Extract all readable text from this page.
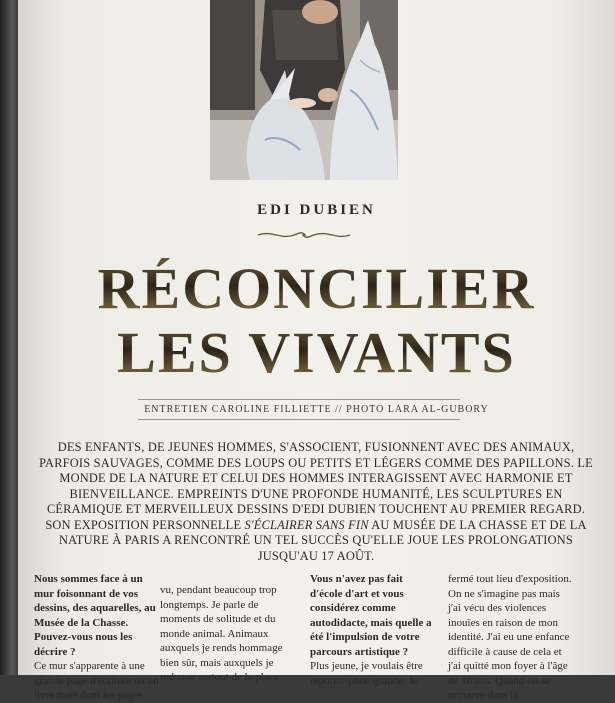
EDI DUBIEN
RÉCONCILIER
LES VIVANTS
ENTRETIEN CAROLINE FILLIETTE // PHOTO LARA AL-GUBORY
DES ENFANTS, DE JEUNES HOMMES, S'ASSOCIENT, FUSIONNENT AVEC DES ANIMAUX, PARFOIS SAUVAGES, COMME DES LOUPS OU PETITS ET LÉGERS COMME DES PAPILLONS. LE MONDE DE LA NATURE ET CELUI DES HOMMES INTERAGISSENT AVEC HARMONIE ET BIENVEILLANCE. EMPREINTS D'UNE PROFONDE HUMANITÉ, LES SCULPTURES EN CÉRAMIQUE ET MERVEILLEUX DESSINS D'EDI DUBIEN TOUCHENT AU PREMIER REGARD. SON EXPOSITION PERSONNELLE S'ÉCLAIRER SANS FIN AU MUSÉE DE LA CHASSE ET DE LA NATURE À PARIS A RENCONTRÉ UN TEL SUCCÈS QU'ELLE JOUE LES PROLONGATIONS JUSQU'AU 17 AOÛT.

Nous sommes face à un mur foisonnant de vos dessins, des aquarelles, au Musée de la Chasse. Pouvez-vous nous les décrire ?

Ce mur s'apparente à une grande page d'écriture ou un livre mais dont les pages

vu, pendant beaucoup trop longtemps. Je parle de moments de solitude et du monde animal. Animaux auxquels je rends hommage bien sûr, mais auxquels je redonne surtout de la place.

Vous n'avez pas fait d'école d'art et vous considérez comme autodidacte, mais quelle a été l'impulsion de votre parcours artistique ?

Plus jeune, je voulais être reporter-photographe. Je

fermé tout lieu d'exposition. On ne s'imagine pas mais j'ai vécu des violences inouïes en raison de mon identité. J'ai eu une enfance difficile à cause de cela et j'ai quitté mon foyer à l'âge de 16 ans. Quand on se retrouve dans la
